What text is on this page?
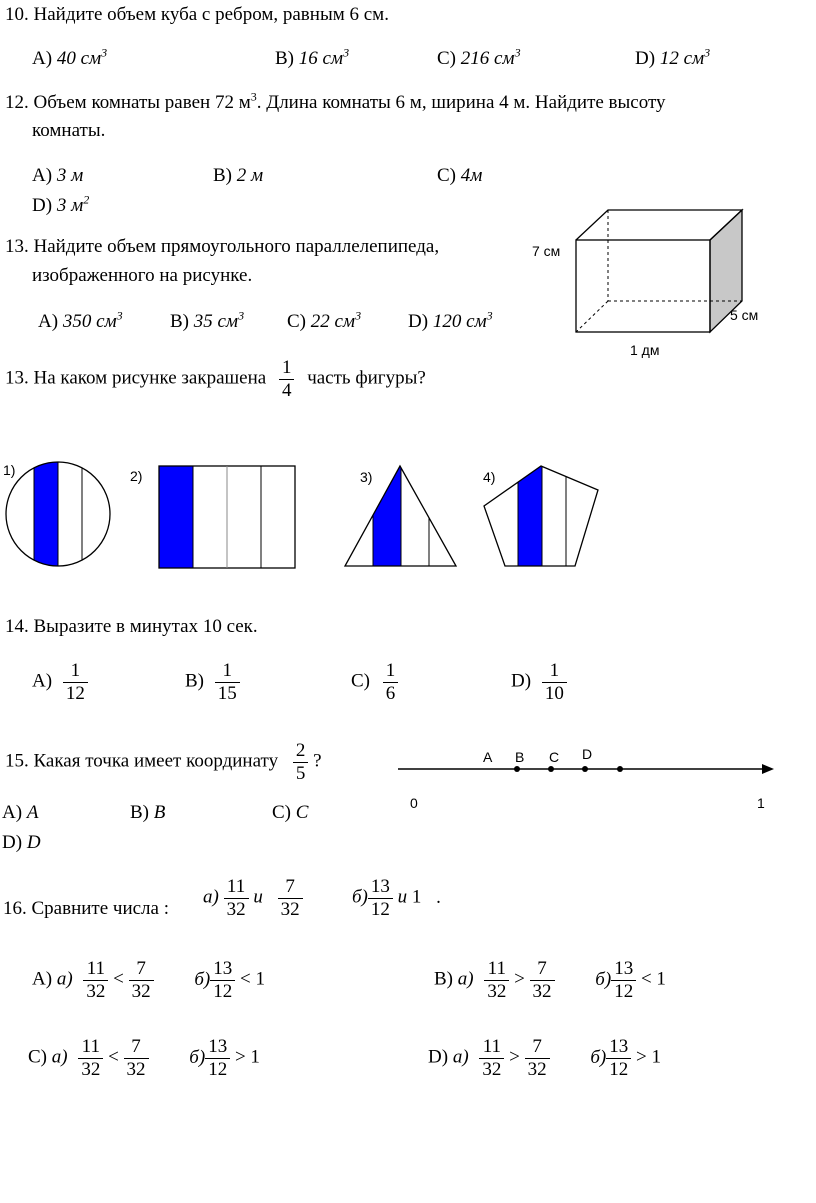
10. Найдите объем куба с ребром, равным 6 см.
A) 40 $см^3$	B) 16 $см^3$	C) 216 $см^3$	D) 12 $см^3$
12. Объем комнаты равен 72 $м^3$. Длина комнаты 6 м, ширина 4 м. Найдите высоту
комнаты.
A) 3 м	B) 2 м	C) 4м
D) 3 $м^2$
13. Найдите объем прямоугольного параллелепипеда,
изображенного на рисунке.
A) 350 $см^3$ B) 35 $см^3$ C) 22 $см^3$ D) 120 $см^3$
7 см
5 см
1 дм
13. На каком рисунке закрашена $\frac{1}{4}$ часть фигуры?
1)	2)	3)	4)
14. Выразите в минутах 10 сек.
$A) \frac{1}{12}$	$B) \frac{1}{15}$	$C) \frac{1}{6}$	$D) \frac{1}{10}$
15. Какая точка имеет координату $\frac{2}{5}$ ?
A) A	B) B	C) C
D) D
A B C D
0	1
16. Сравните числа :
$а) \frac{11}{32}$ и $\frac{7}{32}$	$б) \frac{13}{12}$ и 1 .
A) $а) \frac{11}{32} < \frac{7}{32} б) \frac{13}{12} < 1$	B) $а) \frac{11}{32} > \frac{7}{32} б) \frac{13}{12} < 1$
C) $а) \frac{11}{32} < \frac{7}{32} б) \frac{13}{12} > 1$	D) $а) \frac{11}{32} > \frac{7}{32} б) \frac{13}{12} > 1$
